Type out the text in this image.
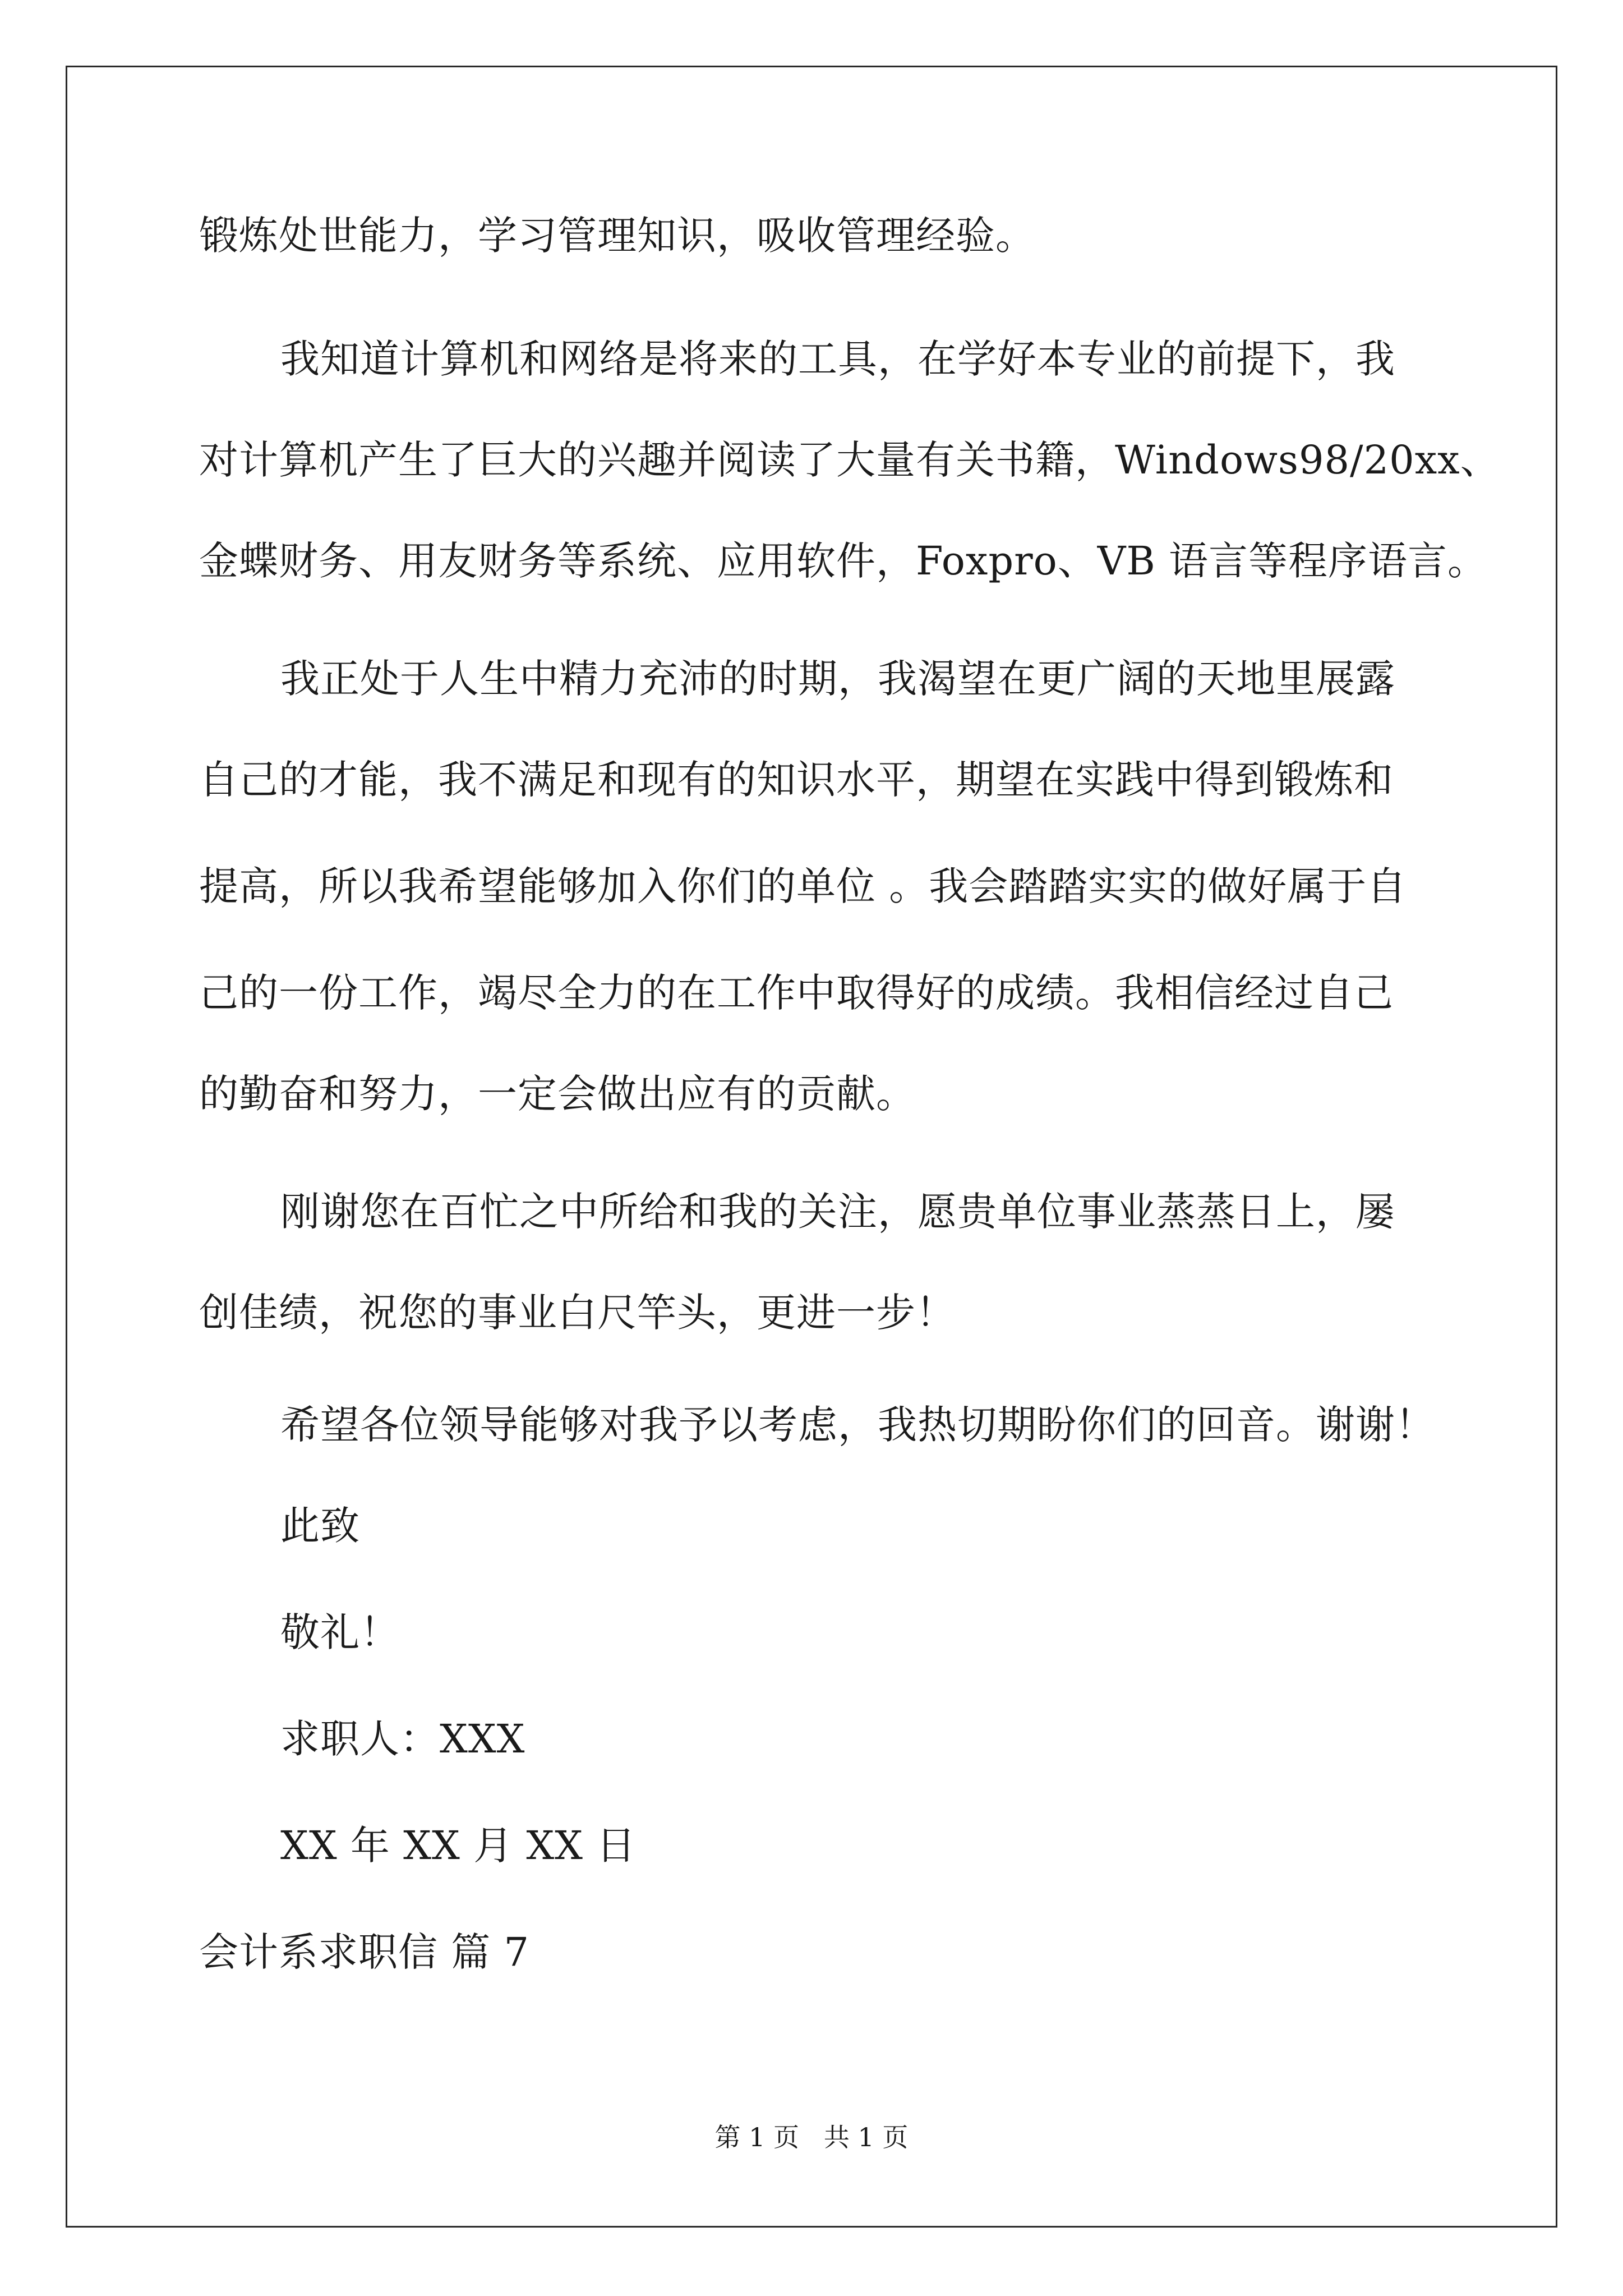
锻炼处世能力，学习管理知识，吸收管理经验。
我知道计算机和网络是将来的工具，在学好本专业的前提下，我
对计算机产生了巨大的兴趣并阅读了大量有关书籍，Windows98/20xx、
金蝶财务、用友财务等系统、应用软件，Foxpro、VB 语言等程序语言。
我正处于人生中精力充沛的时期，我渴望在更广阔的天地里展露
自己的才能，我不满足和现有的知识水平，期望在实践中得到锻炼和
提高，所以我希望能够加入你们的单位 。我会踏踏实实的做好属于自
己的一份工作，竭尽全力的在工作中取得好的成绩。我相信经过自己
的勤奋和努力，一定会做出应有的贡献。
刚谢您在百忙之中所给和我的关注，愿贵单位事业蒸蒸日上，屡
创佳绩，祝您的事业白尺竿头，更进一步！
希望各位领导能够对我予以考虑，我热切期盼你们的回音。谢谢！
此致
敬礼！
求职人：XXX
XX 年 XX 月 XX 日
会计系求职信 篇 7
第 1 页   共 1 页
